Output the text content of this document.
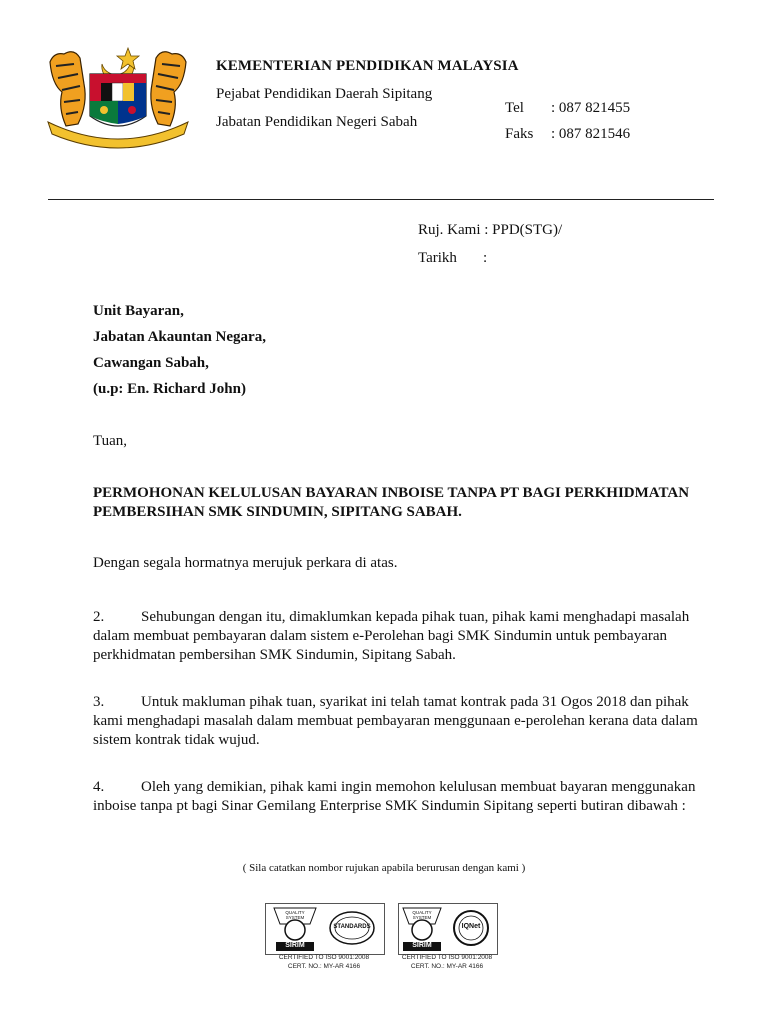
KEMENTERIAN PENDIDIKAN MALAYSIA
Pejabat Pendidikan Daerah Sipitang
Jabatan Pendidikan Negeri Sabah
Tel : 087 821455
Faks : 087 821546
Ruj. Kami : PPD(STG)/
Tarikh :
Unit Bayaran,
Jabatan Akauntan Negara,
Cawangan Sabah,
(u.p: En. Richard John)
Tuan,
PERMOHONAN KELULUSAN BAYARAN INBOISE TANPA PT BAGI PERKHIDMATAN
PEMBERSIHAN SMK SINDUMIN, SIPITANG SABAH.
Dengan segala hormatnya merujuk perkara di atas.
2. Sehubungan dengan itu, dimaklumkan kepada pihak tuan, pihak kami menghadapi masalah
dalam membuat pembayaran dalam sistem e-Perolehan bagi SMK Sindumin untuk pembayaran
perkhidmatan pembersihan SMK Sindumin, Sipitang Sabah.
3. Untuk makluman pihak tuan, syarikat ini telah tamat kontrak pada 31 Ogos 2018 dan pihak
kami menghadapi masalah dalam membuat pembayaran menggunaan e-perolehan kerana data dalam
sistem kontrak tidak wujud.
4. Oleh yang demikian, pihak kami ingin memohon kelulusan membuat bayaran menggunakan
inboise tanpa pt bagi Sinar Gemilang Enterprise SMK Sindumin Sipitang seperti butiran dibawah :
( Sila catatkan nombor rujukan apabila berurusan dengan kami )
QUALITY SYSTEM
SIRIM
STANDARDS
CERTIFIED TO ISO 9001:2008
CERT. NO.: MY-AR 4166
QUALITY SYSTEM
SIRIM
IQNet
CERTIFIED TO ISO 9001:2008
CERT. NO.: MY-AR 4166
